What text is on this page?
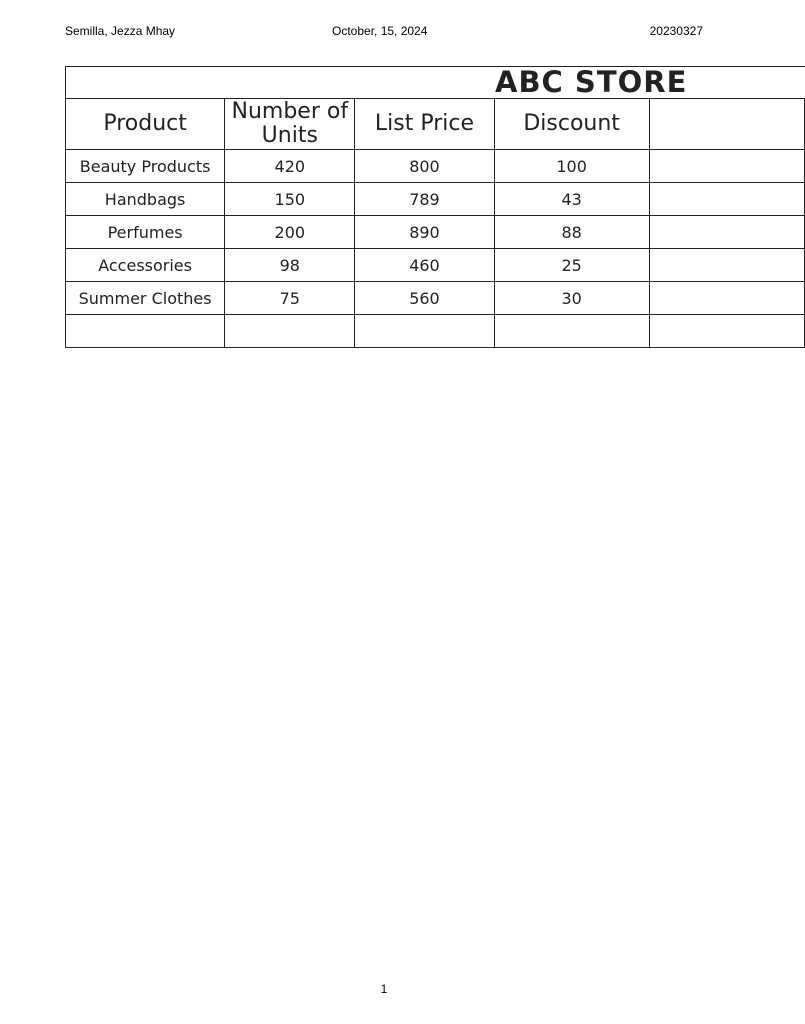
Semilla, Jezza Mhay	October, 15, 2024	20230327
ABC STORE				

Product	Number of Units	List Price	Discount	
Beauty Products	420	800	100	
Handbags	150	789	43	
Perfumes	200	890	88	
Accessories	98	460	25	
Summer Clothes	75	560	30	

1
